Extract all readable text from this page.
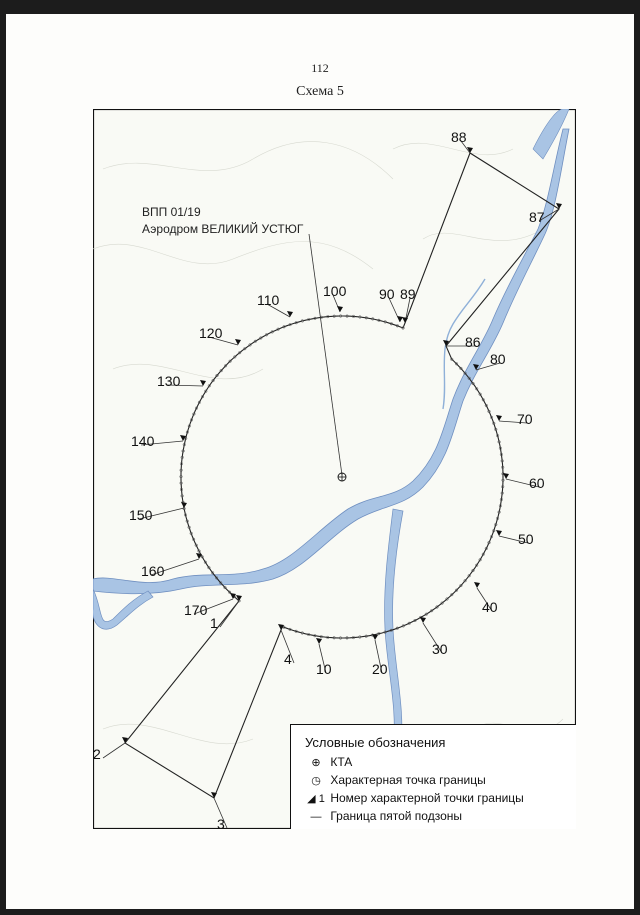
112
Схема 5
ВПП 01/19
Аэродром ВЕЛИКИЙ УСТЮГ
88
87
86
80
70
60
50
40
30
20
10
4
3
2
1
170
160
150
140
130
120
110
100 90 89
Условные обозначения
⊕ КТА
◷ Характерная точка границы
◢ 1 Номер характерной точки границы
— Граница пятой подзоны
